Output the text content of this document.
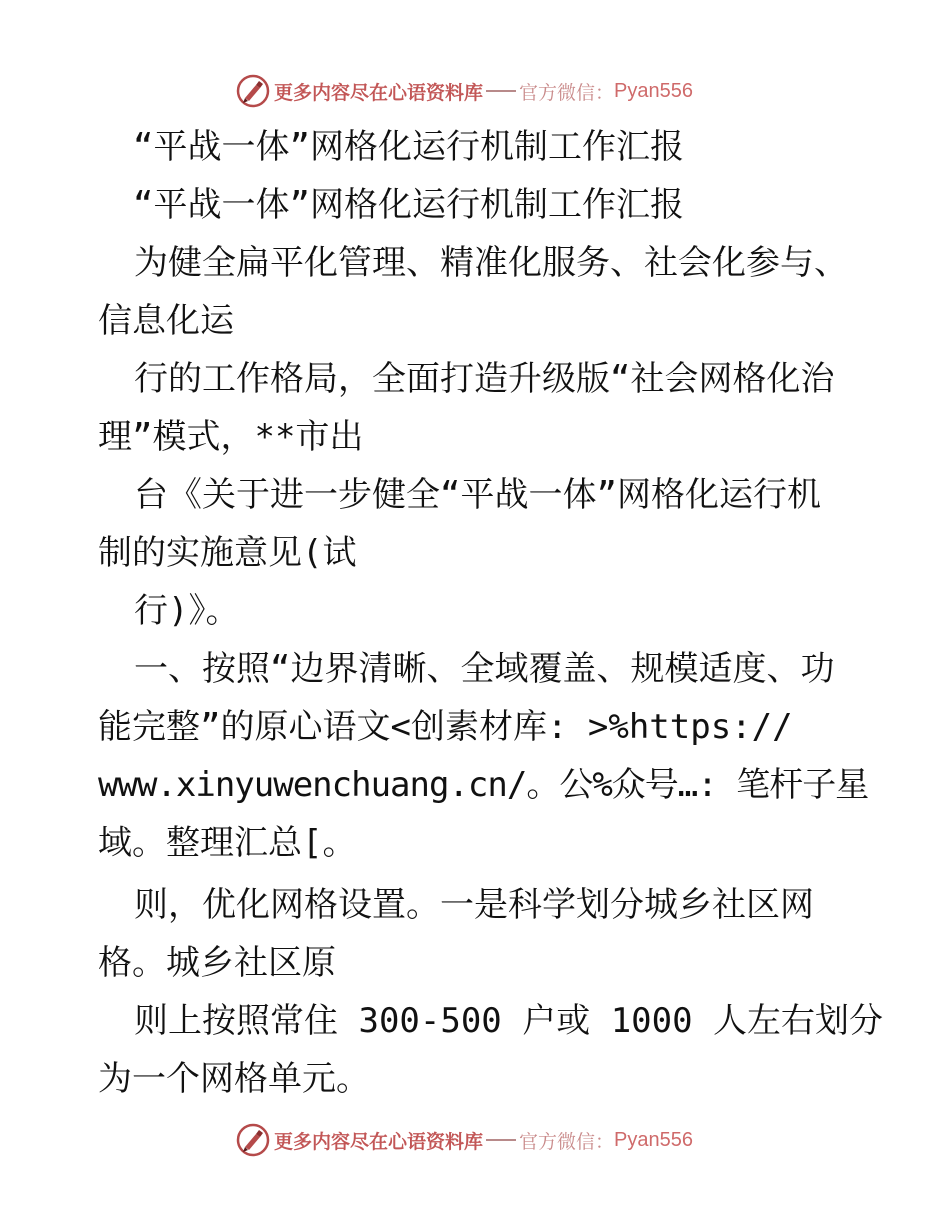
更多内容尽在心语资料库 官方微信： Pyan556

“平战一体”网格化运行机制工作汇报

“平战一体”网格化运行机制工作汇报

为健全扁平化管理、精准化服务、社会化参与、

信息化运

行的工作格局，全面打造升级版“社会网格化治

理”模式，**市出

台《关于进一步健全“平战一体”网格化运行机

制的实施意见(试

行)》。

一、按照“边界清晰、全域覆盖、规模适度、功

能完整”的原心语文<创素材库: >%https://

www.xinyuwenchuang.cn/。公%众号…: 笔杆子星

域。整理汇总[。

则，优化网格设置。一是科学划分城乡社区网

格。城乡社区原

则上按照常住 300-500 户或 1000 人左右划分

为一个网格单元。

更多内容尽在心语资料库 官方微信： Pyan556
